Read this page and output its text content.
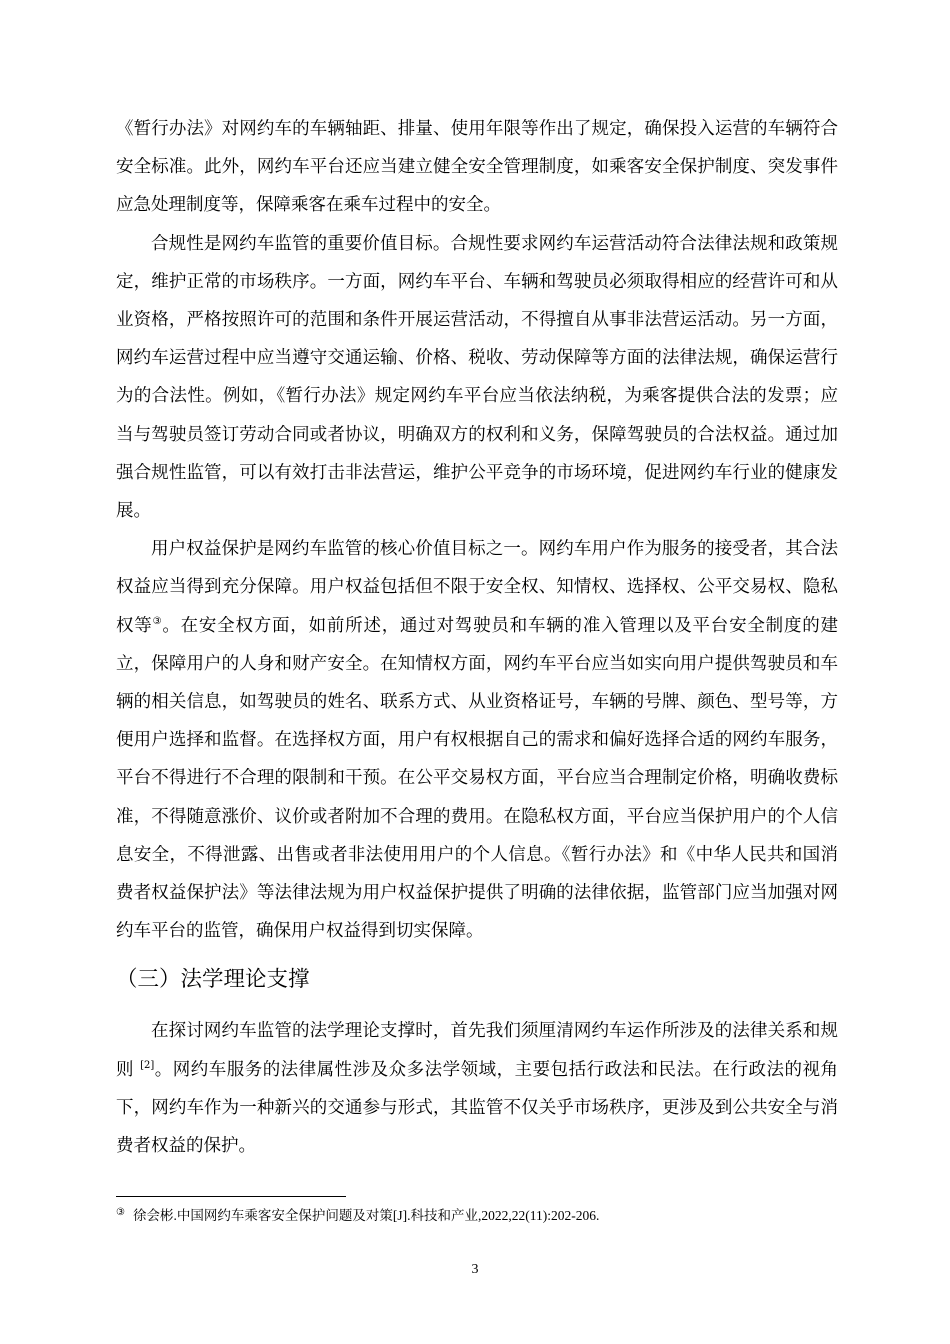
《暂行办法》对网约车的车辆轴距、排量、使用年限等作出了规定，确保投入运营的车辆符合安全标准。此外，网约车平台还应当建立健全安全管理制度，如乘客安全保护制度、突发事件应急处理制度等，保障乘客在乘车过程中的安全。

合规性是网约车监管的重要价值目标。合规性要求网约车运营活动符合法律法规和政策规定，维护正常的市场秩序。一方面，网约车平台、车辆和驾驶员必须取得相应的经营许可和从业资格，严格按照许可的范围和条件开展运营活动，不得擅自从事非法营运活动。另一方面，网约车运营过程中应当遵守交通运输、价格、税收、劳动保障等方面的法律法规，确保运营行为的合法性。例如，《暂行办法》规定网约车平台应当依法纳税，为乘客提供合法的发票；应当与驾驶员签订劳动合同或者协议，明确双方的权利和义务，保障驾驶员的合法权益。通过加强合规性监管，可以有效打击非法营运，维护公平竞争的市场环境，促进网约车行业的健康发展。

用户权益保护是网约车监管的核心价值目标之一。网约车用户作为服务的接受者，其合法权益应当得到充分保障。用户权益包括但不限于安全权、知情权、选择权、公平交易权、隐私权等③。在安全权方面，如前所述，通过对驾驶员和车辆的准入管理以及平台安全制度的建立，保障用户的人身和财产安全。在知情权方面，网约车平台应当如实向用户提供驾驶员和车辆的相关信息，如驾驶员的姓名、联系方式、从业资格证号，车辆的号牌、颜色、型号等，方便用户选择和监督。在选择权方面，用户有权根据自己的需求和偏好选择合适的网约车服务，平台不得进行不合理的限制和干预。在公平交易权方面，平台应当合理制定价格，明确收费标准，不得随意涨价、议价或者附加不合理的费用。在隐私权方面，平台应当保护用户的个人信息安全，不得泄露、出售或者非法使用用户的个人信息。《暂行办法》和《中华人民共和国消费者权益保护法》等法律法规为用户权益保护提供了明确的法律依据，监管部门应当加强对网约车平台的监管，确保用户权益得到切实保障。

（三）法学理论支撑

在探讨网约车监管的法学理论支撑时，首先我们须厘清网约车运作所涉及的法律关系和规则 [2]。网约车服务的法律属性涉及众多法学领域，主要包括行政法和民法。在行政法的视角下，网约车作为一种新兴的交通参与形式，其监管不仅关乎市场秩序，更涉及到公共安全与消费者权益的保护。

③ 徐会彬.中国网约车乘客安全保护问题及对策[J].科技和产业,2022,22(11):202-206.
3
